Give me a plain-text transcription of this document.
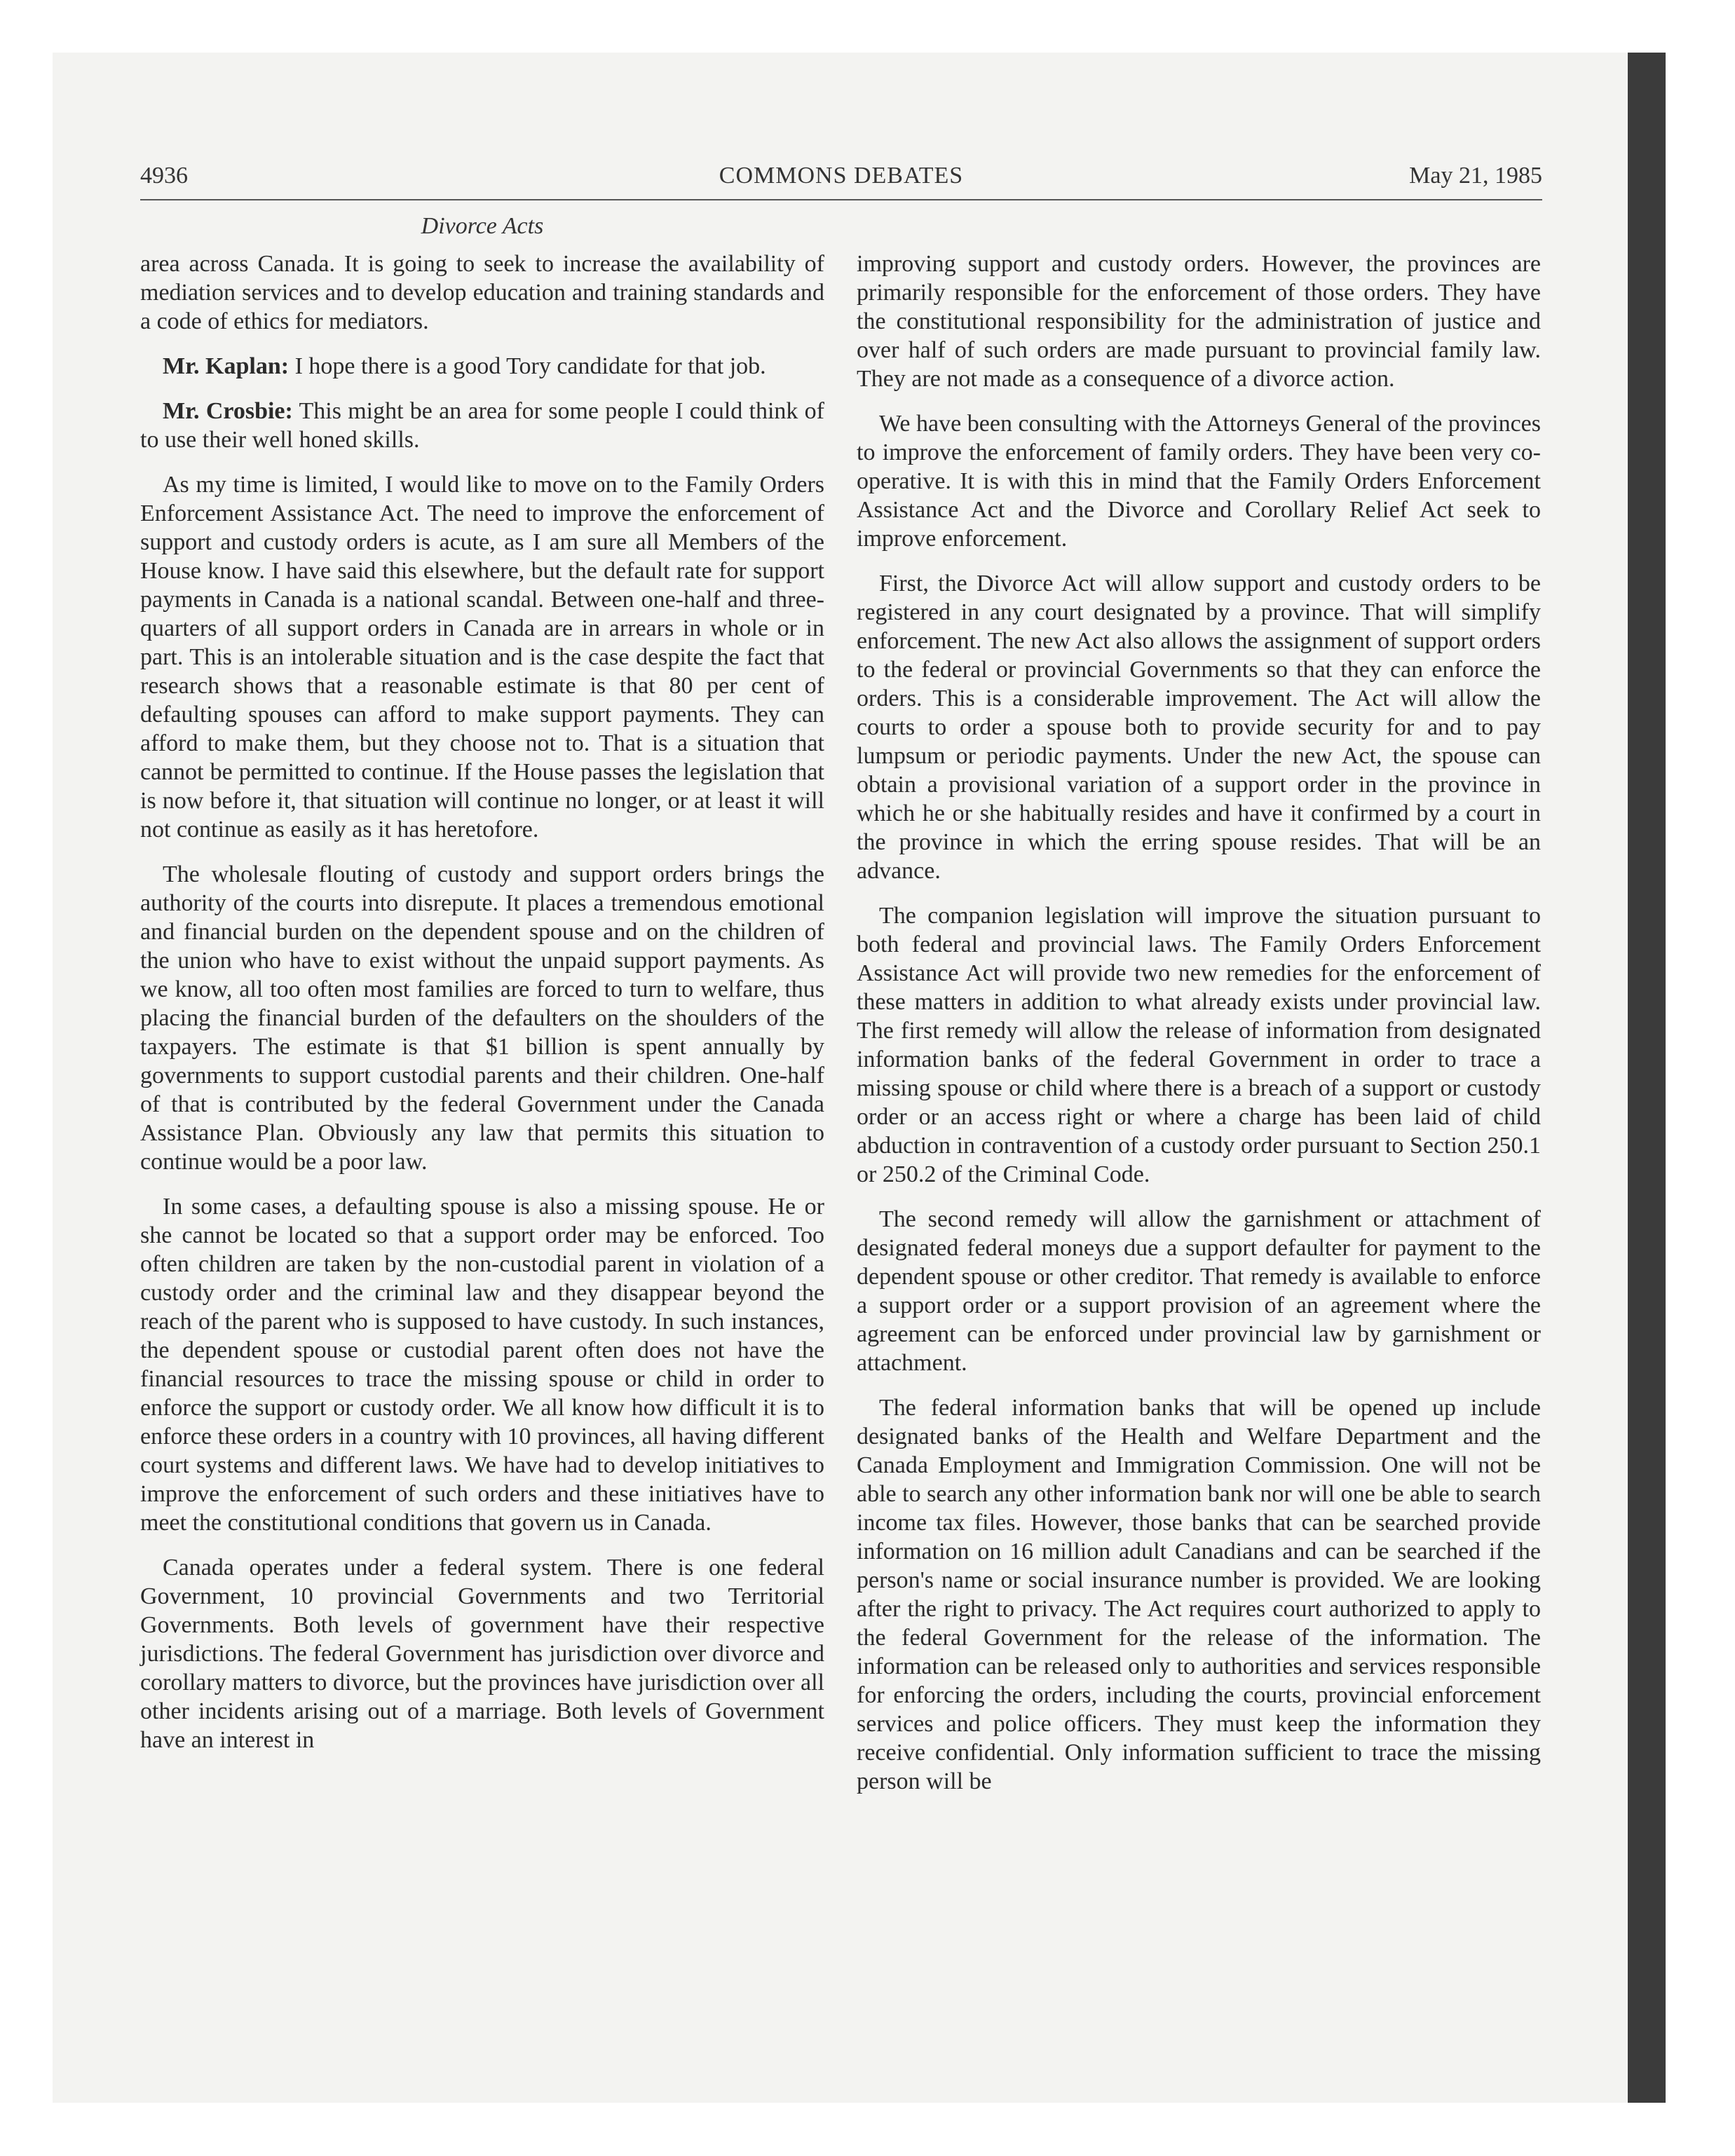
4936	COMMONS DEBATES	May 21, 1985
Divorce Acts

area across Canada. It is going to seek to increase the availability of mediation services and to develop education and training standards and a code of ethics for mediators.

Mr. Kaplan: I hope there is a good Tory candidate for that job.

Mr. Crosbie: This might be an area for some people I could think of to use their well honed skills.

As my time is limited, I would like to move on to the Family Orders Enforcement Assistance Act. The need to improve the enforcement of support and custody orders is acute, as I am sure all Members of the House know. I have said this elsewhere, but the default rate for support payments in Canada is a national scandal. Between one-half and three-quarters of all support orders in Canada are in arrears in whole or in part. This is an intolerable situation and is the case despite the fact that research shows that a reasonable estimate is that 80 per cent of defaulting spouses can afford to make support payments. They can afford to make them, but they choose not to. That is a situation that cannot be permitted to continue. If the House passes the legislation that is now before it, that situation will continue no longer, or at least it will not continue as easily as it has heretofore.

The wholesale flouting of custody and support orders brings the authority of the courts into disrepute. It places a tremendous emotional and financial burden on the dependent spouse and on the children of the union who have to exist without the unpaid support payments. As we know, all too often most families are forced to turn to welfare, thus placing the financial burden of the defaulters on the shoulders of the taxpayers. The estimate is that $1 billion is spent annually by governments to support custodial parents and their children. One-half of that is contributed by the federal Government under the Canada Assistance Plan. Obviously any law that permits this situation to continue would be a poor law.

In some cases, a defaulting spouse is also a missing spouse. He or she cannot be located so that a support order may be enforced. Too often children are taken by the non-custodial parent in violation of a custody order and the criminal law and they disappear beyond the reach of the parent who is supposed to have custody. In such instances, the dependent spouse or custodial parent often does not have the financial resources to trace the missing spouse or child in order to enforce the support or custody order. We all know how difficult it is to enforce these orders in a country with 10 provinces, all having different court systems and different laws. We have had to develop initiatives to improve the enforcement of such orders and these initiatives have to meet the constitutional conditions that govern us in Canada.

Canada operates under a federal system. There is one federal Government, 10 provincial Governments and two Territorial Governments. Both levels of government have their respective jurisdictions. The federal Government has jurisdiction over divorce and corollary matters to divorce, but the provinces have jurisdiction over all other incidents arising out of a marriage. Both levels of Government have an interest in

improving support and custody orders. However, the provinces are primarily responsible for the enforcement of those orders. They have the constitutional responsibility for the administration of justice and over half of such orders are made pursuant to provincial family law. They are not made as a consequence of a divorce action.

We have been consulting with the Attorneys General of the provinces to improve the enforcement of family orders. They have been very co-operative. It is with this in mind that the Family Orders Enforcement Assistance Act and the Divorce and Corollary Relief Act seek to improve enforcement.

First, the Divorce Act will allow support and custody orders to be registered in any court designated by a province. That will simplify enforcement. The new Act also allows the assignment of support orders to the federal or provincial Governments so that they can enforce the orders. This is a considerable improvement. The Act will allow the courts to order a spouse both to provide security for and to pay lumpsum or periodic payments. Under the new Act, the spouse can obtain a provisional variation of a support order in the province in which he or she habitually resides and have it confirmed by a court in the province in which the erring spouse resides. That will be an advance.

The companion legislation will improve the situation pursuant to both federal and provincial laws. The Family Orders Enforcement Assistance Act will provide two new remedies for the enforcement of these matters in addition to what already exists under provincial law. The first remedy will allow the release of information from designated information banks of the federal Government in order to trace a missing spouse or child where there is a breach of a support or custody order or an access right or where a charge has been laid of child abduction in contravention of a custody order pursuant to Section 250.1 or 250.2 of the Criminal Code.

The second remedy will allow the garnishment or attachment of designated federal moneys due a support defaulter for payment to the dependent spouse or other creditor. That remedy is available to enforce a support order or a support provision of an agreement where the agreement can be enforced under provincial law by garnishment or attachment.

The federal information banks that will be opened up include designated banks of the Health and Welfare Department and the Canada Employment and Immigration Commission. One will not be able to search any other information bank nor will one be able to search income tax files. However, those banks that can be searched provide information on 16 million adult Canadians and can be searched if the person's name or social insurance number is provided. We are looking after the right to privacy. The Act requires court authorized to apply to the federal Government for the release of the information. The information can be released only to authorities and services responsible for enforcing the orders, including the courts, provincial enforcement services and police officers. They must keep the information they receive confidential. Only information sufficient to trace the missing person will be
